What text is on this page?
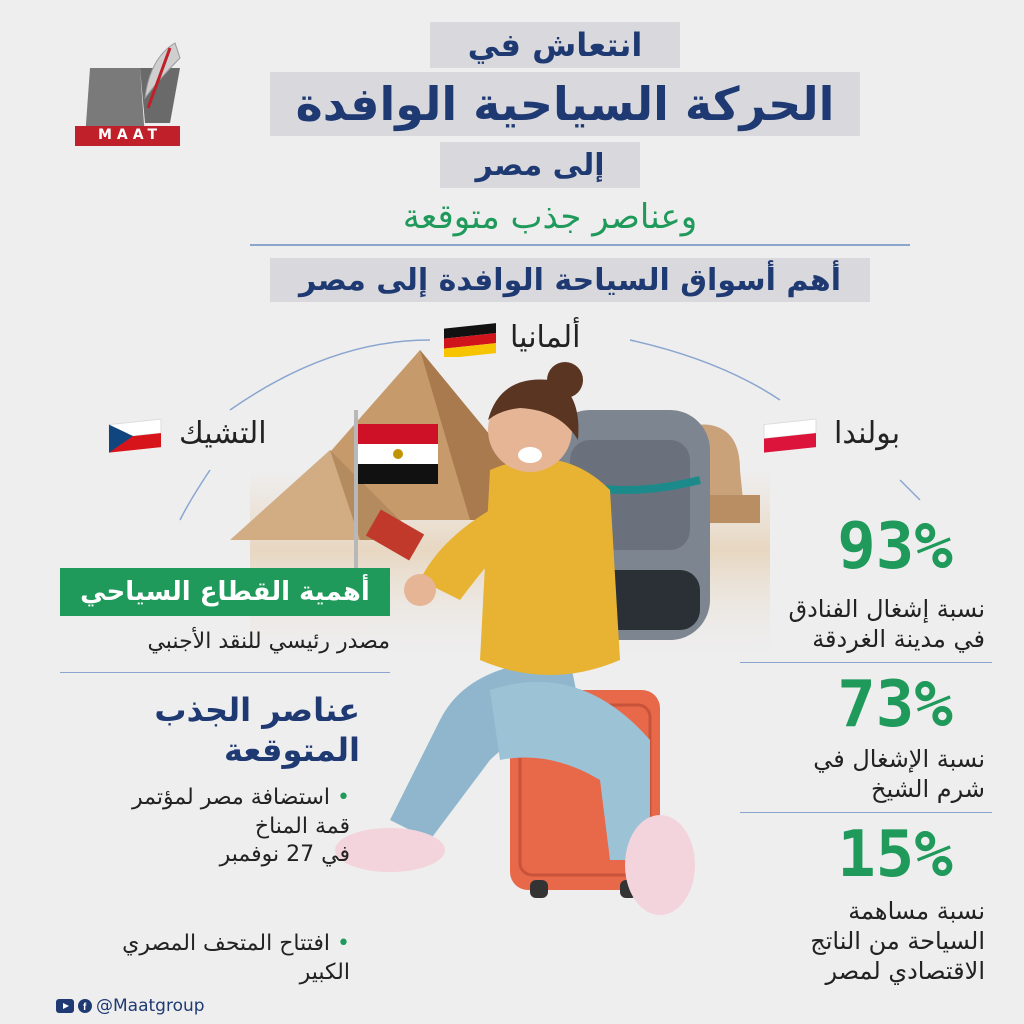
MAAT
انتعاش في
الحركة السياحية الوافدة
إلى مصر
وعناصر جذب متوقعة
أهم أسواق السياحة الوافدة إلى مصر
ألمانيا
التشيك	بولندا
93%
نسبة إشغال الفنادق
في مدينة الغردقة
73%
نسبة الإشغال في
شرم الشيخ
15%
نسبة مساهمة
السياحة من الناتج
الاقتصادي لمصر
أهمية القطاع السياحي
مصدر رئيسي للنقد الأجنبي
عناصر الجذب
المتوقعة
• استضافة مصر لمؤتمر
قمة المناخ
في 27 نوفمبر
• افتتاح المتحف المصري
الكبير
f @Maatgroup
